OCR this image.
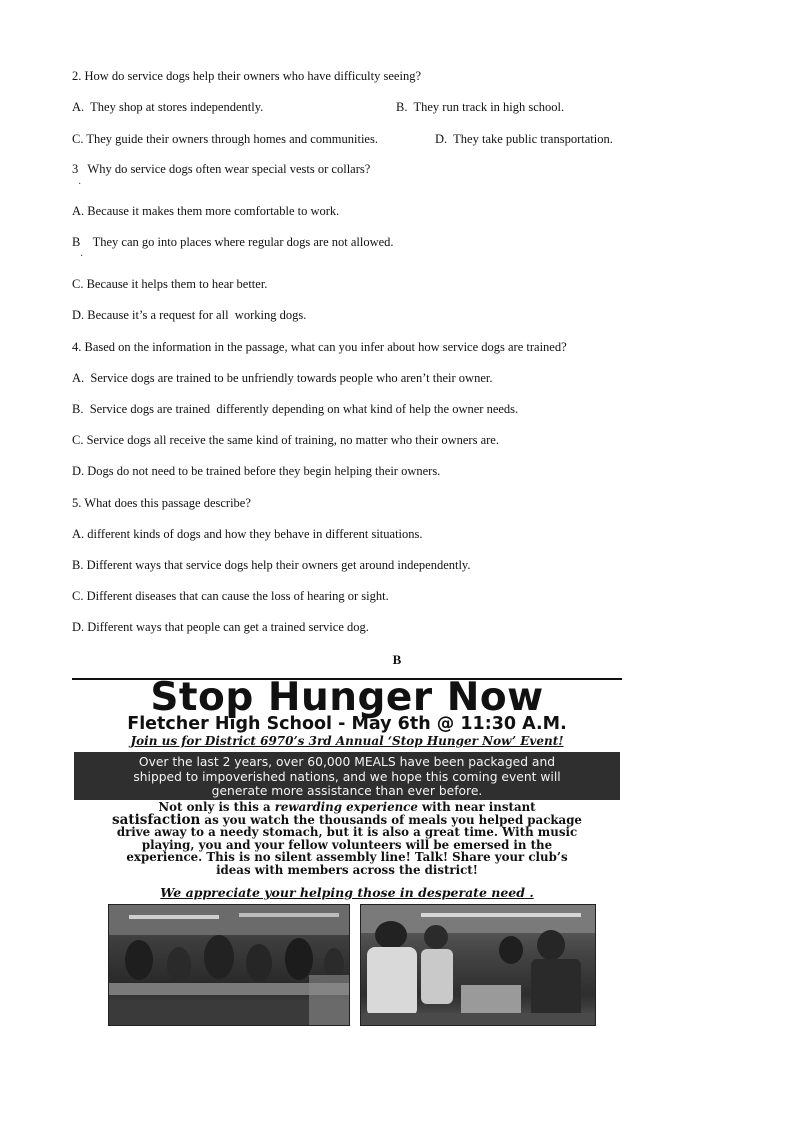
2. How do service dogs help their owners who have difficulty seeing?
A.  They shop at stores independently.	B.  They run track in high school.
C. They guide their owners through homes and communities.	D.  They take public transportation.
3   Why do service dogs often wear special vests or collars?
·
A. Because it makes them more comfortable to work.
B    They can go into places where regular dogs are not allowed.
·
C. Because it helps them to hear better.
D. Because it’s a request for all  working dogs.
4. Based on the information in the passage, what can you infer about how service dogs are trained?
A.  Service dogs are trained to be unfriendly towards people who aren’t their owner.
B.  Service dogs are trained  differently depending on what kind of help the owner needs.
C. Service dogs all receive the same kind of training, no matter who their owners are.
D. Dogs do not need to be trained before they begin helping their owners.
5. What does this passage describe?
A. different kinds of dogs and how they behave in different situations.
B. Different ways that service dogs help their owners get around independently.
C. Different diseases that can cause the loss of hearing or sight.
D. Different ways that people can get a trained service dog.
B
Stop Hunger Now
Fletcher High School - May 6th @ 11:30 A.M.
Join us for District 6970’s 3rd Annual ‘Stop Hunger Now’ Event!
Over the last 2 years, over 60,000 MEALS have been packaged and
shipped to impoverished nations, and we hope this coming event will
generate more assistance than ever before.
Not only is this a rewarding experience with near instant
satisfaction as you watch the thousands of meals you helped package
drive away to a needy stomach, but it is also a great time. With music
playing, you and your fellow volunteers will be emersed in the
experience. This is no silent assembly line! Talk! Share your club’s
ideas with members across the district!
We appreciate your helping those in desperate need .
